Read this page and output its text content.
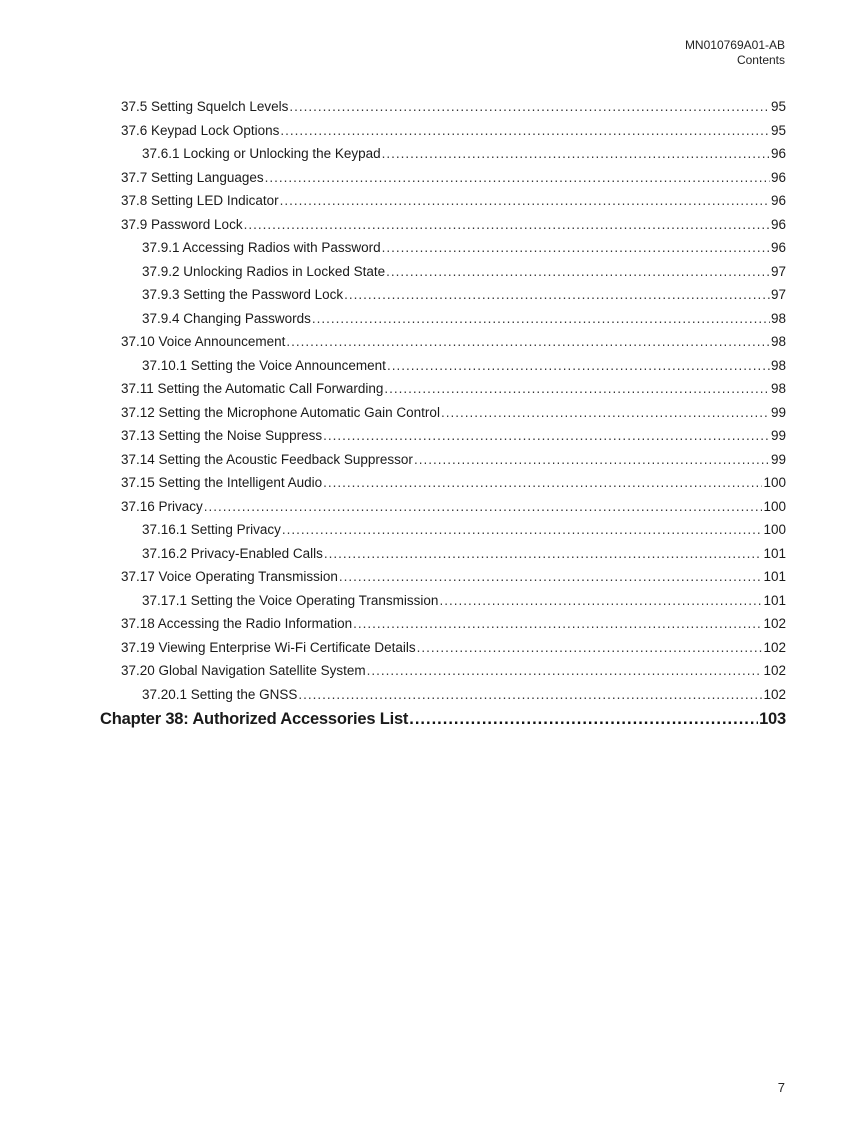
MN010769A01-AB
Contents
37.5 Setting Squelch Levels .....	95
37.6 Keypad Lock Options .....	95
37.6.1 Locking or Unlocking the Keypad .....	96
37.7 Setting Languages .....	96
37.8 Setting LED Indicator .....	96
37.9 Password Lock .....	96
37.9.1 Accessing Radios with Password .....	96
37.9.2 Unlocking Radios in Locked State .....	97
37.9.3 Setting the Password Lock .....	97
37.9.4 Changing Passwords .....	98
37.10 Voice Announcement .....	98
37.10.1 Setting the Voice Announcement .....	98
37.11 Setting the Automatic Call Forwarding .....	98
37.12 Setting the Microphone Automatic Gain Control .....	99
37.13 Setting the Noise Suppress .....	99
37.14 Setting the Acoustic Feedback Suppressor .....	99
37.15 Setting the Intelligent Audio .....	100
37.16 Privacy .....	100
37.16.1 Setting Privacy .....	100
37.16.2 Privacy-Enabled Calls .....	101
37.17 Voice Operating Transmission .....	101
37.17.1 Setting the Voice Operating Transmission .....	101
37.18 Accessing the Radio Information .....	102
37.19 Viewing Enterprise Wi-Fi Certificate Details .....	102
37.20 Global Navigation Satellite System .....	102
37.20.1 Setting the GNSS .....	102
Chapter 38: Authorized Accessories List .....	103
7
